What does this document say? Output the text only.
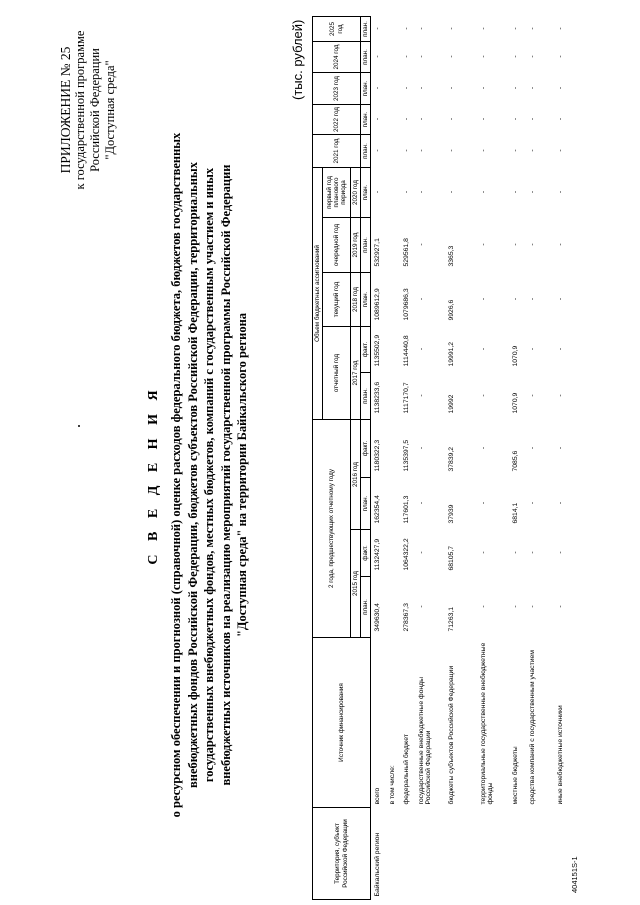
ПРИЛОЖЕНИЕ № 25 к государственной программе Российской Федерации "Доступная среда"
С В Е Д Е Н И Я о ресурсном обеспечении и прогнозной (справочной) оценке расходов федерального бюджета, бюджетов государственных внебюджетных фондов Российской Федерации, бюджетов субъектов Российской Федерации, территориальных государственных внебюджетных фондов, местных бюджетов, компаний с государственным участием и иных внебюджетных источников на реализацию мероприятий государственной программы Российской Федерации "Доступная среда" на территории Байкальского региона
(тыс. рублей)
Территория, субъект Российской Федерации	Источник финансирования	2 года, предшествующих отчетному году				Объем бюджетных ассигнований					2021 год	2022 год	2023 год	2024 год	2025 год
						отчетный год		текущий год	очередной год	первый год планового периода					
		2015 год		2016 год		2017 год		2018 год	2019 год	2020 год					
		план.	факт.	план.	факт.	план.	факт.	план.	план.	план.	план.	план.	план.	план.	план.
Байкальский регион	всего	349630,4	1132427,9	162354,4	1180322,3	1138233,6	1135502,9	1089612,9	532927,1	-	-	-	-	-	-
	в том числе:														
	федеральный бюджет	278367,3	1064322,2	117601,3	1135397,5	1117170,7	1114440,8	1079686,3	529561,8	-	-	-	-	-	-
	государственные внебюджетные фонды Российской Федерации	-	-	-	-	-	-	-	-	-	-	-	-	-	-
	бюджеты субъектов Российской Федерации	71263,1	68105,7	37939	37839,2	19992	19991,2	9926,6	3365,3	-	-	-	-	-	-
	территориальные государственные внебюджетные фонды	-	-	-	-	-	-	-	-	-	-	-	-	-	-
	местные бюджеты	-	-	6814,1	7085,6	1070,9	1070,9	-	-	-	-	-	-	-	-
	средства компаний с государственным участием	-	-	-	-	-	-	-	-	-	-	-	-	-	-
	иные внебюджетные источники	-	-	-	-	-	-	-	-	-	-	-	-	-	-
404151S-1
